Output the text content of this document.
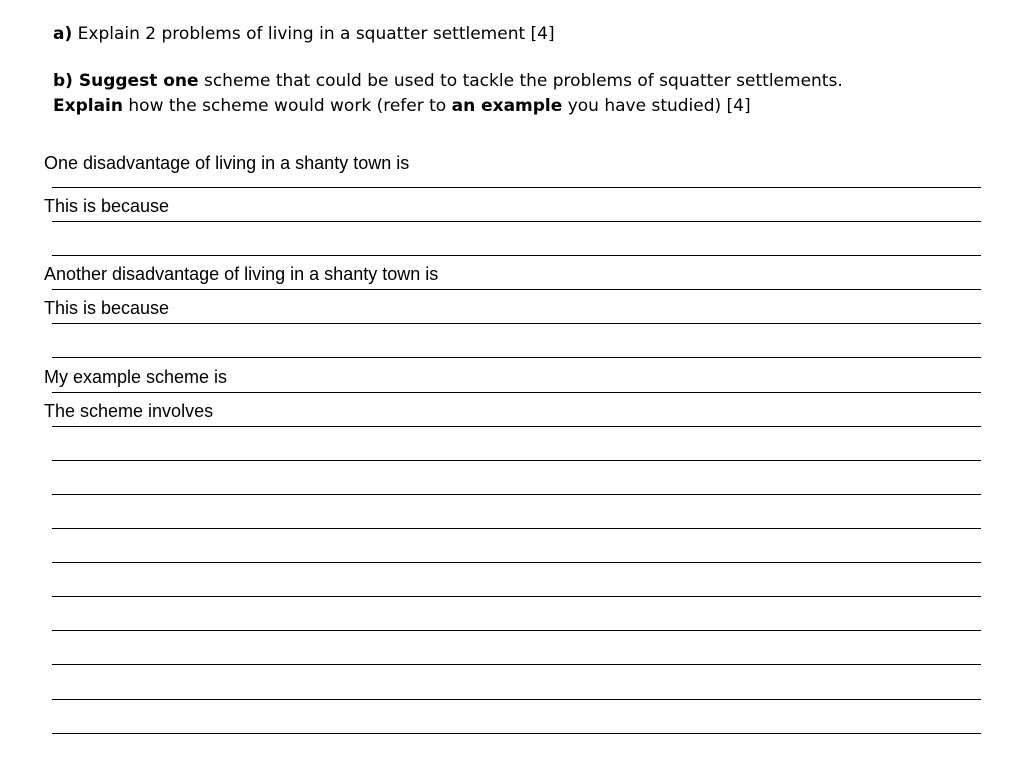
a) Explain 2 problems of living in a squatter settlement [4]
b) Suggest one scheme that could be used to tackle the problems of squatter settlements.
Explain how the scheme would work (refer to an example you have studied) [4]
One disadvantage of living in a shanty town is
This is because
Another disadvantage of living in a shanty town is
This is because
My example scheme is
The scheme involves
